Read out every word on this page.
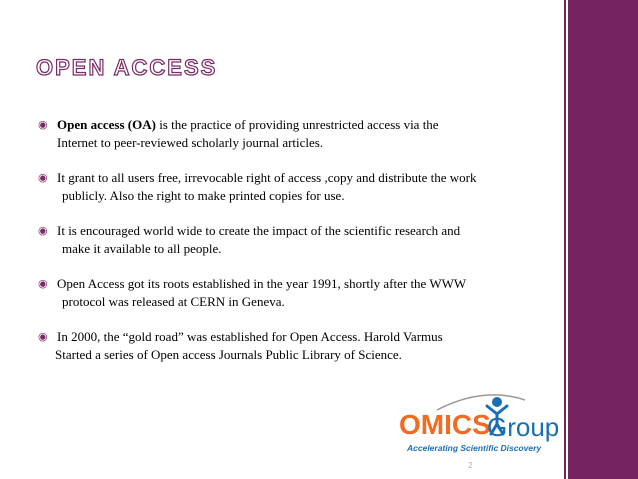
OPEN ACCESS
◉ Open access (OA) is the practice of providing unrestricted access via the
Internet to peer-reviewed scholarly journal articles.
◉ It grant to all users free, irrevocable right of access ,copy and distribute the work
publicly. Also the right to make printed copies for use.
◉ It is encouraged world wide to create the impact of the scientific research and
make it available to all people.
◉ Open Access got its roots established in the year 1991, shortly after the WWW
protocol was released at CERN in Geneva.
◉ In 2000, the “gold road” was established for Open Access. Harold Varmus
Started a series of Open access Journals Public Library of Science.
OMICS
Group
Accelerating Scientific Discovery
2
